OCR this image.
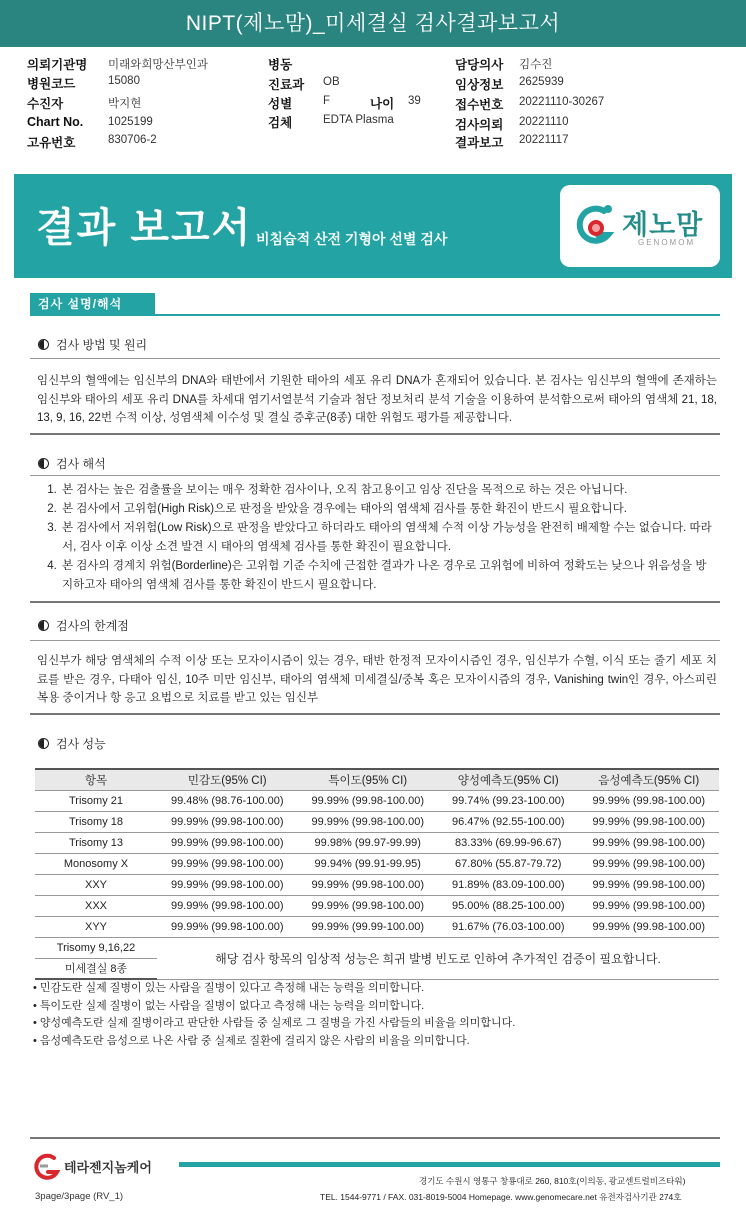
NIPT(제노맘)_미세결실 검사결과보고서
의뢰기관명 미래와희망산부인과
병원코드	15080
수진자	박지현
Chart No. 1025199
고유번호	830706-2
병동
진료과 OB
성별	F	나이 39
검체	EDTA Plasma
담당의사 김수진
임상정보 2625939
접수번호 20221110-30267
검사의뢰 20221110
결과보고 20221117
결과 보고서 비침습적 산전 기형아 선별 검사	제노맘
GENOMOM
검사 설명/해석
검사 방법 및 원리
임신부의 혈액에는 임신부의 DNA와 태반에서 기원한 태아의 세포 유리 DNA가 혼재되어 있습니다. 본 검사는 임신부의 혈액에 존재하는 임신부와 태아의 세포 유리 DNA를 차세대 염기서열분석 기술과 첨단 정보처리 분석 기술을 이용하여 분석함으로써 태아의 염색체 21, 18, 13, 9, 16, 22번 수적 이상, 성염색체 이수성 및 결실 증후군(8종) 대한 위험도 평가를 제공합니다.
검사 해석
1. 본 검사는 높은 검출률을 보이는 매우 정확한 검사이나, 오직 참고용이고 임상 진단을 목적으로 하는 것은 아닙니다.
2. 본 검사에서 고위험(High Risk)으로 판정을 받았을 경우에는 태아의 염색체 검사를 통한 확진이 반드시 필요합니다.
3. 본 검사에서 저위험(Low Risk)으로 판정을 받았다고 하더라도 태아의 염색체 수적 이상 가능성을 완전히 배제할 수는 없습니다. 따라서, 검사 이후 이상 소견 발견 시 태아의 염색체 검사를 통한 확진이 필요합니다.
4. 본 검사의 경계치 위험(Borderline)은 고위험 기준 수치에 근접한 결과가 나온 경우로 고위험에 비하여 정확도는 낮으나 위음성을 방지하고자 태아의 염색체 검사를 통한 확진이 반드시 필요합니다.
검사의 한계점
임신부가 해당 염색체의 수적 이상 또는 모자이시즘이 있는 경우, 태반 한정적 모자이시즘인 경우, 임신부가 수혈, 이식 또는 줄기 세포 치료를 받은 경우, 다태아 임신, 10주 미만 임신부, 태아의 염색체 미세결실/중복 혹은 모자이시즘의 경우, Vanishing twin인 경우, 아스피린 복용 중이거나 항 응고 요법으로 치료를 받고 있는 임신부
검사 성능
항목	민감도(95% CI)	특이도(95% CI)	양성예측도(95% CI)	음성예측도(95% CI)
Trisomy 21	99.48% (98.76-100.00)	99.99% (99.98-100.00)	99.74% (99.23-100.00)	99.99% (99.98-100.00)
Trisomy 18	99.99% (99.98-100.00)	99.99% (99.98-100.00)	96.47% (92.55-100.00)	99.99% (99.98-100.00)
Trisomy 13	99.99% (99.98-100.00)	99.98% (99.97-99.99)	83.33% (69.99-96.67)	99.99% (99.98-100.00)
Monosomy X	99.99% (99.98-100.00)	99.94% (99.91-99.95)	67.80% (55.87-79.72)	99.99% (99.98-100.00)
XXY	99.99% (99.98-100.00)	99.99% (99.98-100.00)	91.89% (83.09-100.00)	99.99% (99.98-100.00)
XXX	99.99% (99.98-100.00)	99.99% (99.98-100.00)	95.00% (88.25-100.00)	99.99% (99.98-100.00)
XYY	99.99% (99.98-100.00)	99.99% (99.99-100.00)	91.67% (76.03-100.00)	99.99% (99.98-100.00)
Trisomy 9,16,22	해당 검사 항목의 임상적 성능은 희귀 발병 빈도로 인하여 추가적인 검증이 필요합니다.			
미세결실 8종				
• 민감도란 실제 질병이 있는 사람을 질병이 있다고 측정해 내는 능력을 의미합니다.
• 특이도란 실제 질병이 없는 사람을 질병이 없다고 측정해 내는 능력을 의미합니다.
• 양성예측도란 실제 질병이라고 판단한 사람들 중 실제로 그 질병을 가진 사람들의 비율을 의미합니다.
• 음성예측도란 음성으로 나온 사람 중 실제로 질환에 걸리지 않은 사람의 비율을 의미합니다.
테라젠지놈케어
경기도 수원시 영통구 창룡대로 260, 810호(이의동, 광교센트럴비즈타워)
TEL. 1544-9771 / FAX. 031-8019-5004 Homepage. www.genomecare.net 유전자검사기관 274호
3page/3page (RV_1)
